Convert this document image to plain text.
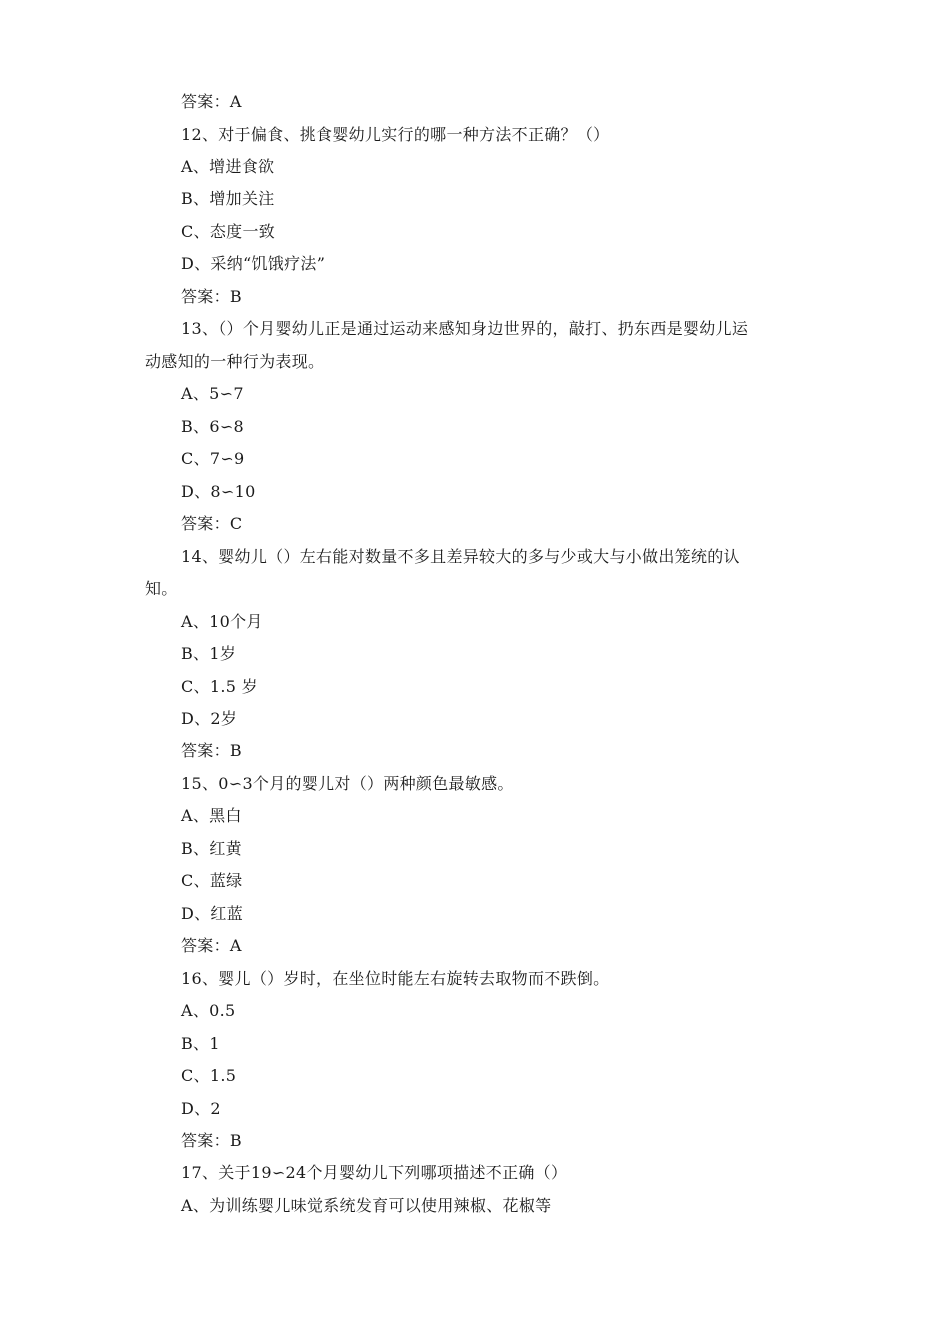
答案：A
12、对于偏食、挑食婴幼儿实行的哪一种方法不正确？（）
A、增进食欲
B、增加关注
C、态度一致
D、采纳“饥饿疗法”
答案：B
13、（）个月婴幼儿正是通过运动来感知身边世界的，敲打、扔东西是婴幼儿运
动感知的一种行为表现。
A、5∽7
B、6∽8
C、7∽9
D、8∽10
答案：C
14、婴幼儿（）左右能对数量不多且差异较大的多与少或大与小做出笼统的认
知。
A、10个月
B、1岁
C、1.5 岁
D、2岁
答案：B
15、0∽3个月的婴儿对（）两种颜色最敏感。
A、黑白
B、红黄
C、蓝绿
D、红蓝
答案：A
16、婴儿（）岁时，在坐位时能左右旋转去取物而不跌倒。
A、0.5
B、1
C、1.5
D、2
答案：B
17、关于19∽24个月婴幼儿下列哪项描述不正确（）
A、为训练婴儿味觉系统发育可以使用辣椒、花椒等
